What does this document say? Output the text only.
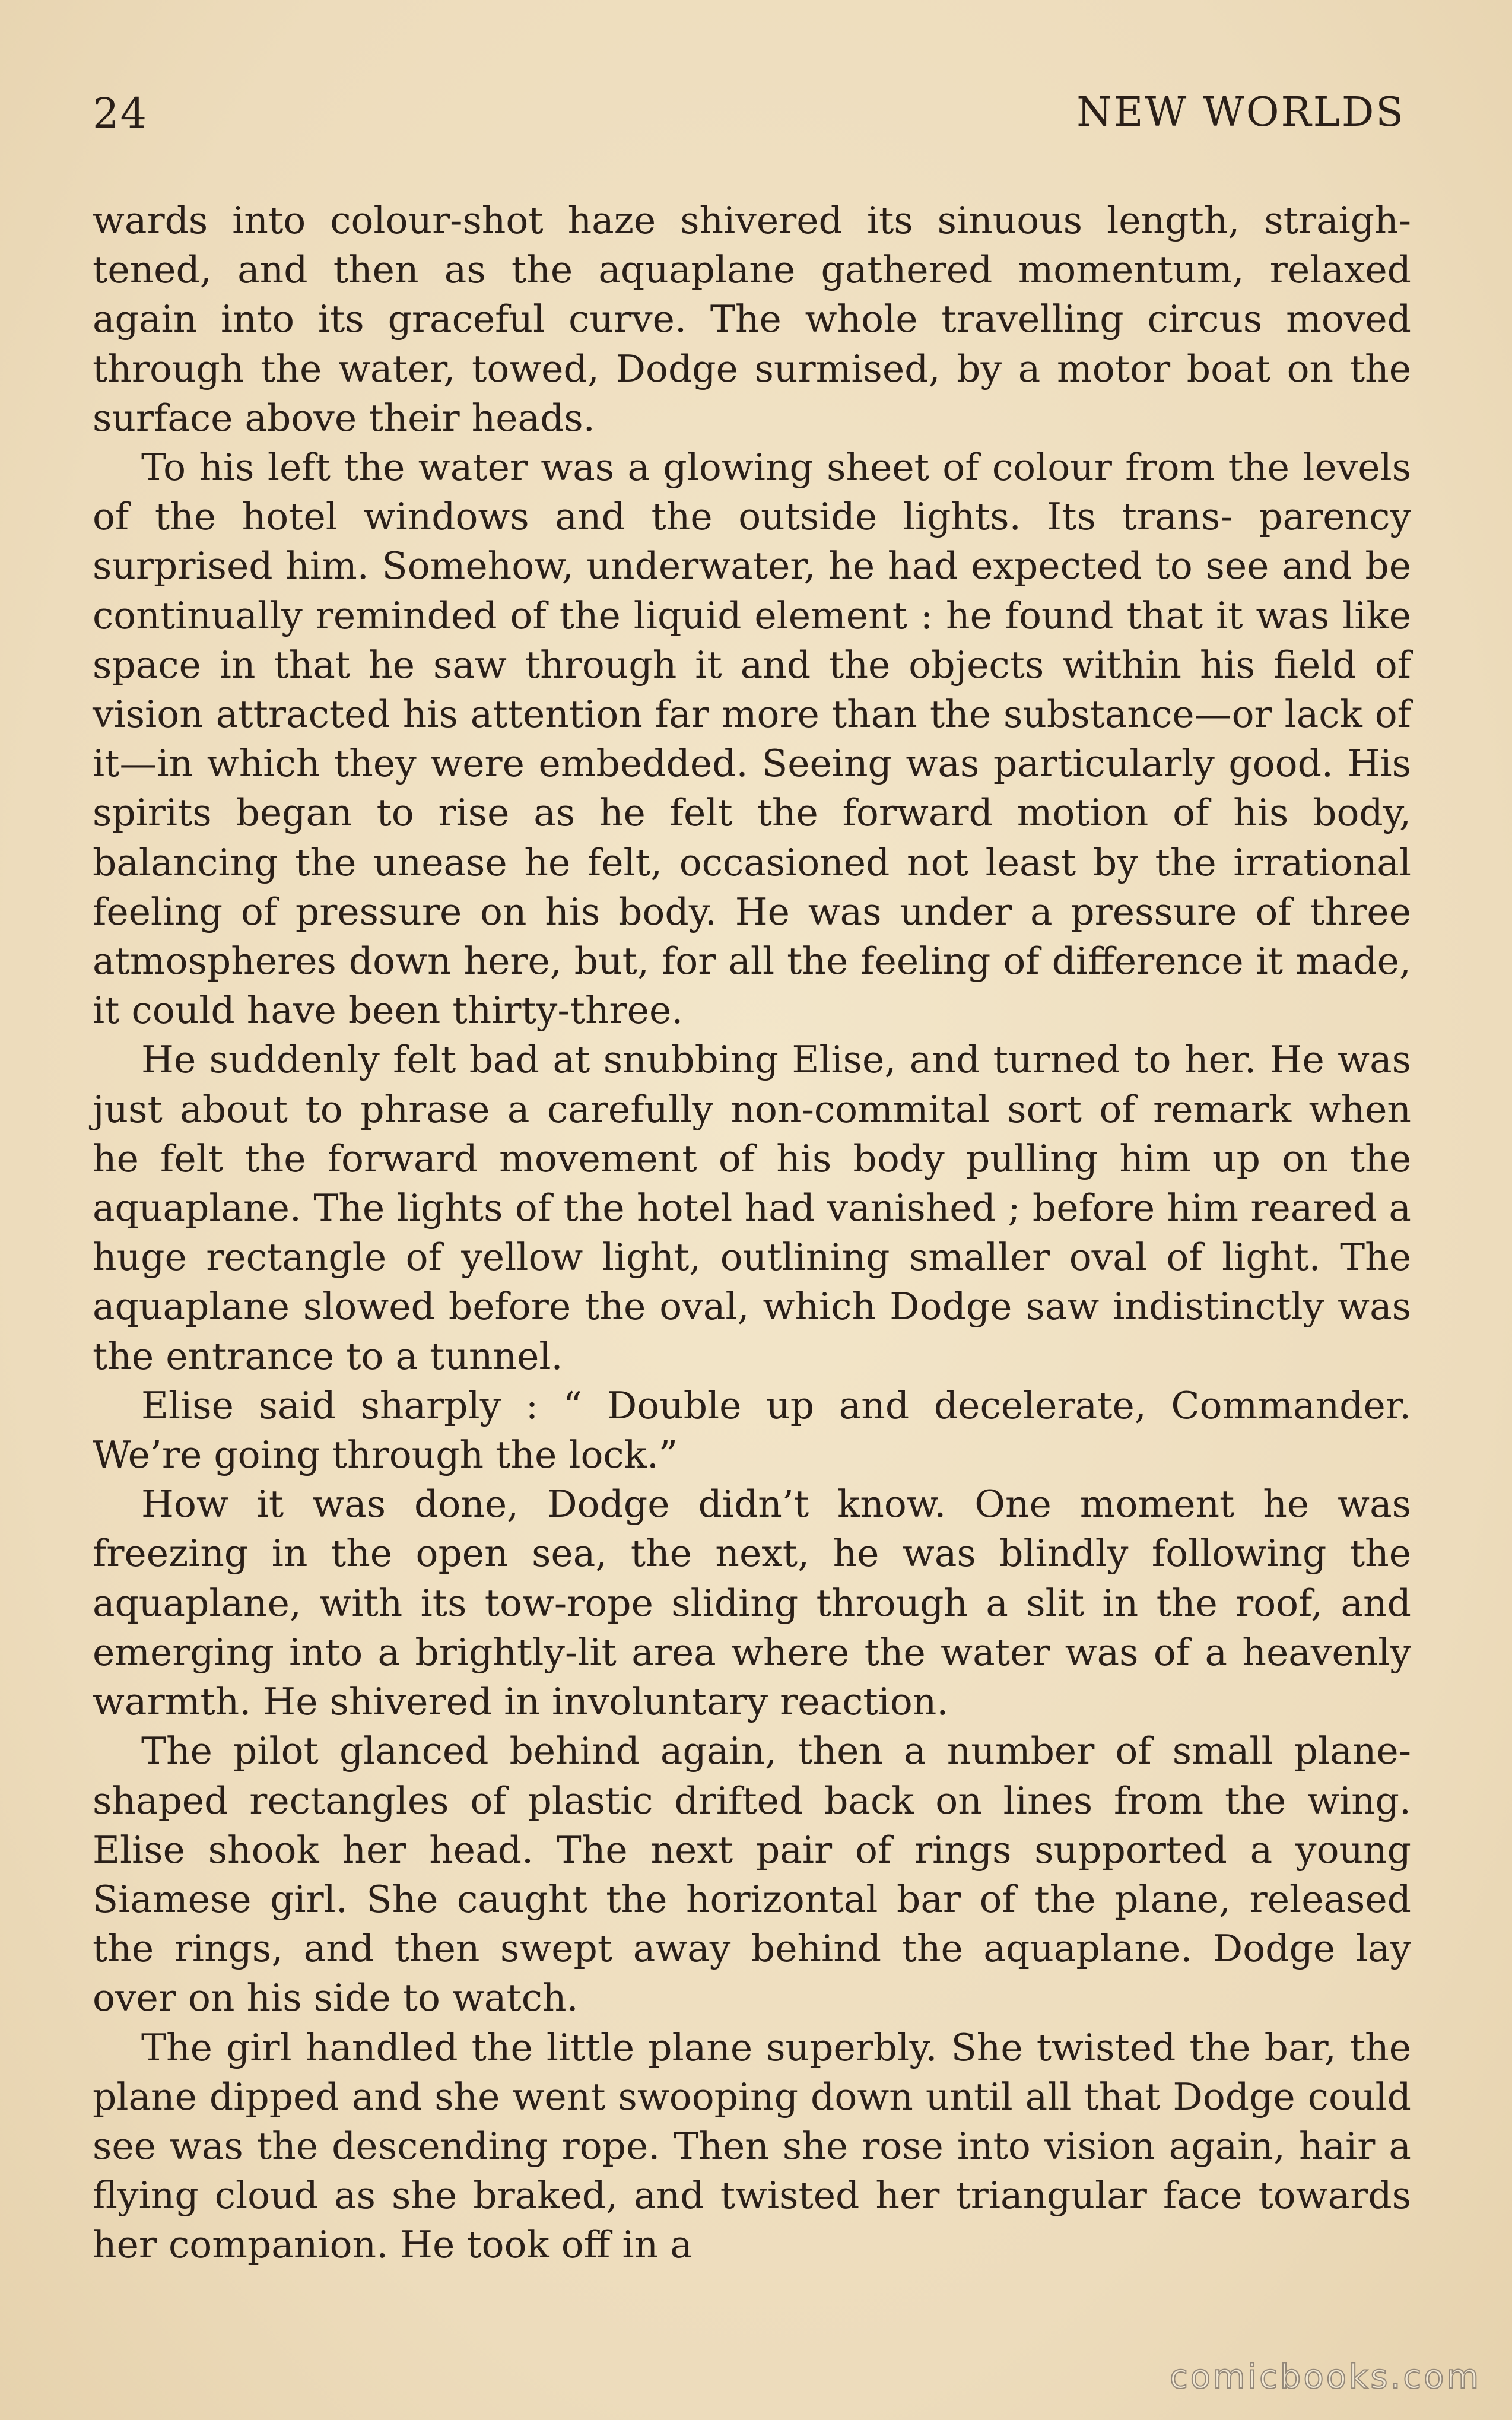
24	NEW WORLDS

wards into colour-shot haze shivered its sinuous length, straigh- tened, and then as the aquaplane gathered momentum, relaxed again into its graceful curve. The whole travelling circus moved through the water, towed, Dodge surmised, by a motor boat on the surface above their heads.

To his left the water was a glowing sheet of colour from the levels of the hotel windows and the outside lights. Its trans- parency surprised him. Somehow, underwater, he had expected to see and be continually reminded of the liquid element : he found that it was like space in that he saw through it and the objects within his field of vision attracted his attention far more than the substance—or lack of it—in which they were embedded. Seeing was particularly good. His spirits began to rise as he felt the forward motion of his body, balancing the unease he felt, occasioned not least by the irrational feeling of pressure on his body. He was under a pressure of three atmospheres down here, but, for all the feeling of difference it made, it could have been thirty-three.

He suddenly felt bad at snubbing Elise, and turned to her. He was just about to phrase a carefully non-commital sort of remark when he felt the forward movement of his body pulling him up on the aquaplane. The lights of the hotel had vanished ; before him reared a huge rectangle of yellow light, outlining smaller oval of light. The aquaplane slowed before the oval, which Dodge saw indistinctly was the entrance to a tunnel.

Elise said sharply : “ Double up and decelerate, Commander. We’re going through the lock.”

How it was done, Dodge didn’t know. One moment he was freezing in the open sea, the next, he was blindly following the aquaplane, with its tow-rope sliding through a slit in the roof, and emerging into a brightly-lit area where the water was of a heavenly warmth. He shivered in involuntary reaction.

The pilot glanced behind again, then a number of small plane- shaped rectangles of plastic drifted back on lines from the wing. Elise shook her head. The next pair of rings supported a young Siamese girl. She caught the horizontal bar of the plane, released the rings, and then swept away behind the aquaplane. Dodge lay over on his side to watch.

The girl handled the little plane superbly. She twisted the bar, the plane dipped and she went swooping down until all that Dodge could see was the descending rope. Then she rose into vision again, hair a flying cloud as she braked, and twisted her triangular face towards her companion. He took off in a

comicbooks.com
